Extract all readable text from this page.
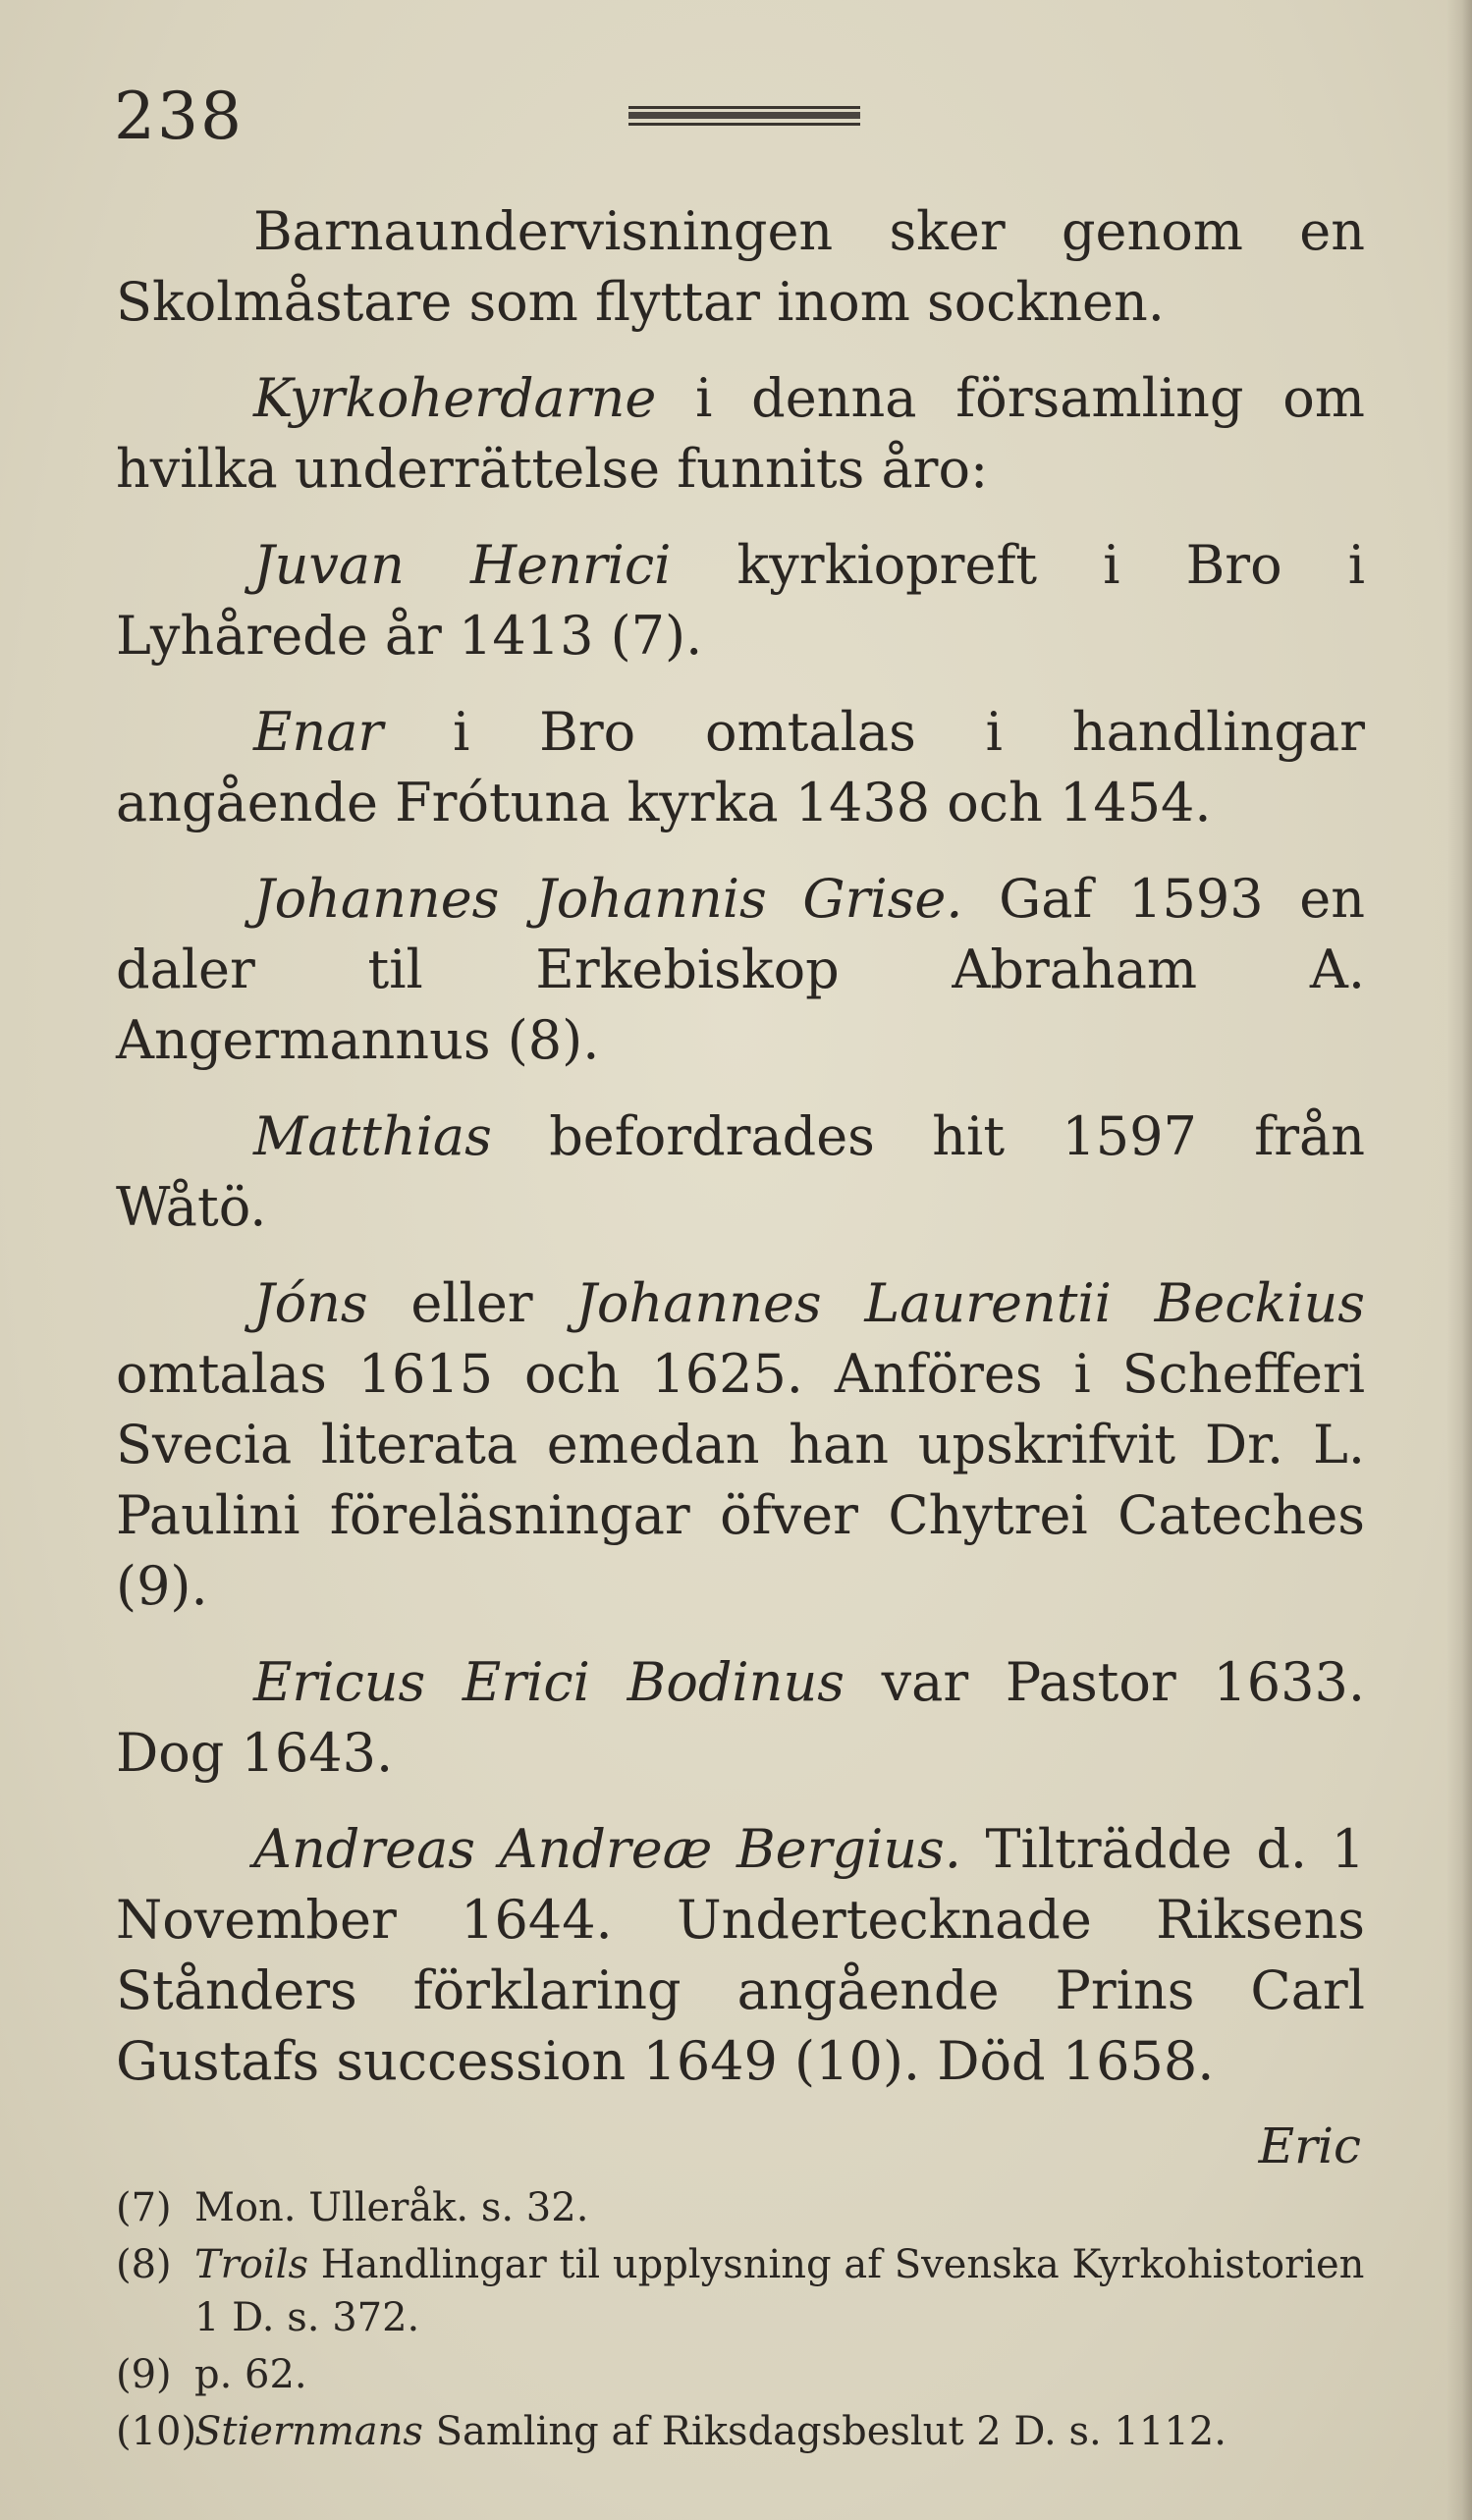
238

Barnaundervisningen sker genom en Skolmåstare som flyttar inom socknen.

Kyrkoherdarne i denna församling om hvilka underrättelse funnits åro:

Juvan Henrici kyrkiopreft i Bro i Lyhårede år 1413 (7).

Enar i Bro omtalas i handlingar angående Frótuna kyrka 1438 och 1454.

Johannes Johannis Grise. Gaf 1593 en daler til Erkebiskop Abraham A. Angermannus (8).

Matthias befordrades hit 1597 från Wåtö.

Jóns eller Johannes Laurentii Beckius omtalas 1615 och 1625. Anföres i Schefferi Svecia literata emedan han upskrifvit Dr. L. Paulini föreläsningar öfver Chytrei Cateches (9).

Ericus Erici Bodinus var Pastor 1633. Dog 1643.

Andreas Andreæ Bergius. Tilträdde d. 1 November 1644. Undertecknade Riksens Stånders förklaring angående Prins Carl Gustafs succession 1649 (10). Död 1658.

Eric

(7) Mon. Ulleråk. s. 32.

(8) Troils Handlingar til upplysning af Svenska Kyrkohistorien 1 D. s. 372.

(9) p. 62.

(10)Stiernmans Samling af Riksdagsbeslut 2 D. s. 1112.
